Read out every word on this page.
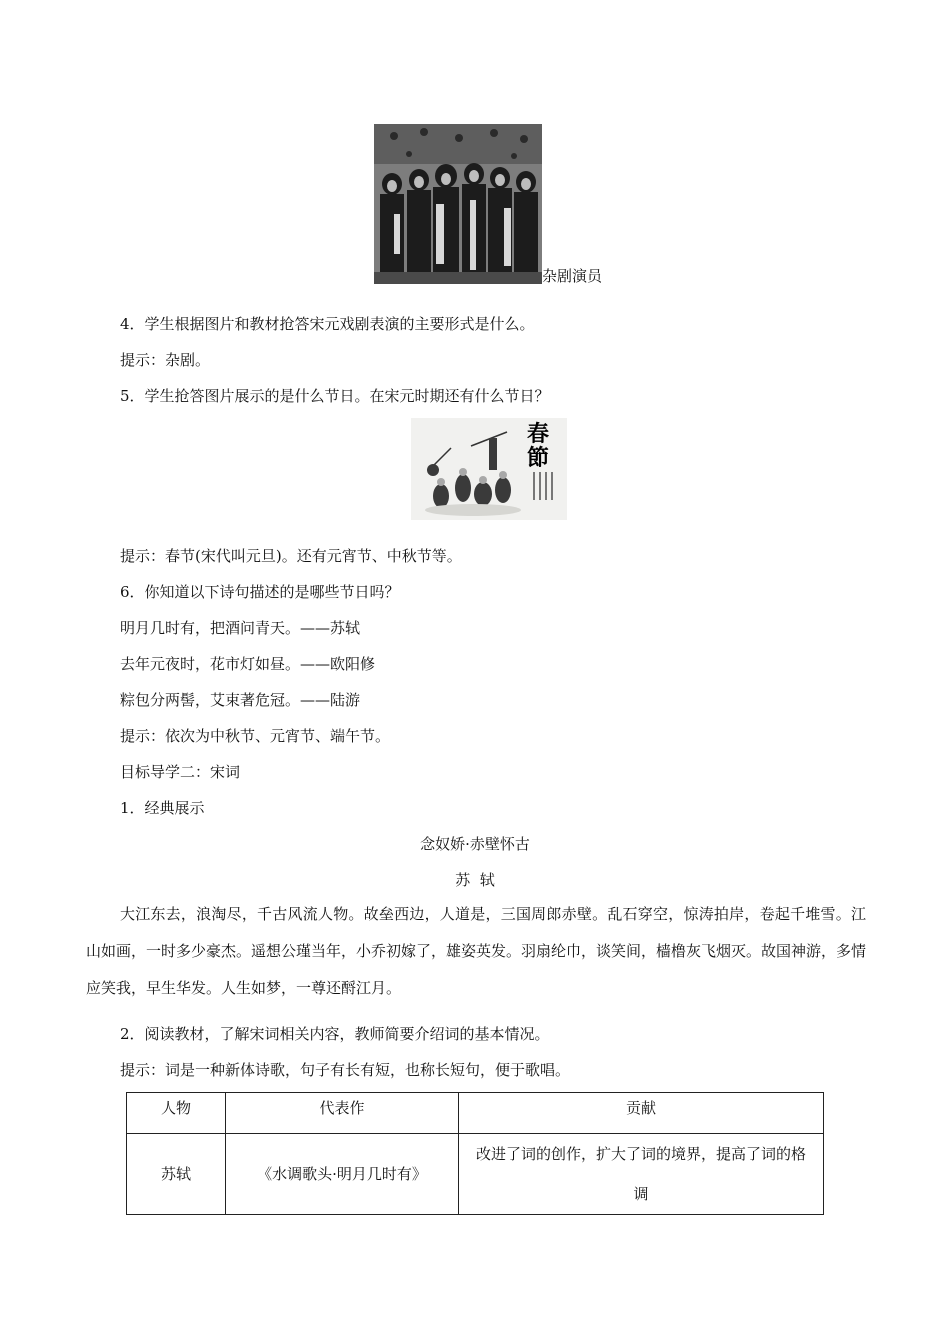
杂剧演员
4．学生根据图片和教材抢答宋元戏剧表演的主要形式是什么。
提示：杂剧。
5．学生抢答图片展示的是什么节日。在宋元时期还有什么节日？
春
節
提示：春节(宋代叫元旦)。还有元宵节、中秋节等。
6．你知道以下诗句描述的是哪些节日吗？
明月几时有，把酒问青天。——苏轼
去年元夜时，花市灯如昼。——欧阳修
粽包分两髻，艾束著危冠。——陆游
提示：依次为中秋节、元宵节、端午节。
目标导学二：宋词
1．经典展示
念奴娇·赤壁怀古
苏  轼
大江东去，浪淘尽，千古风流人物。故垒西边，人道是，三国周郎赤壁。乱石穿空，惊涛拍岸，卷起千堆雪。江山如画，一时多少豪杰。遥想公瑾当年，小乔初嫁了，雄姿英发。羽扇纶巾，谈笑间，樯橹灰飞烟灭。故国神游，多情应笑我，早生华发。人生如梦，一尊还酹江月。
2．阅读教材，了解宋词相关内容，教师简要介绍词的基本情况。
提示：词是一种新体诗歌，句子有长有短，也称长短句，便于歌唱。
人物	代表作	贡献
苏轼	《水调歌头·明月几时有》	改进了词的创作，扩大了词的境界，提高了词的格调
